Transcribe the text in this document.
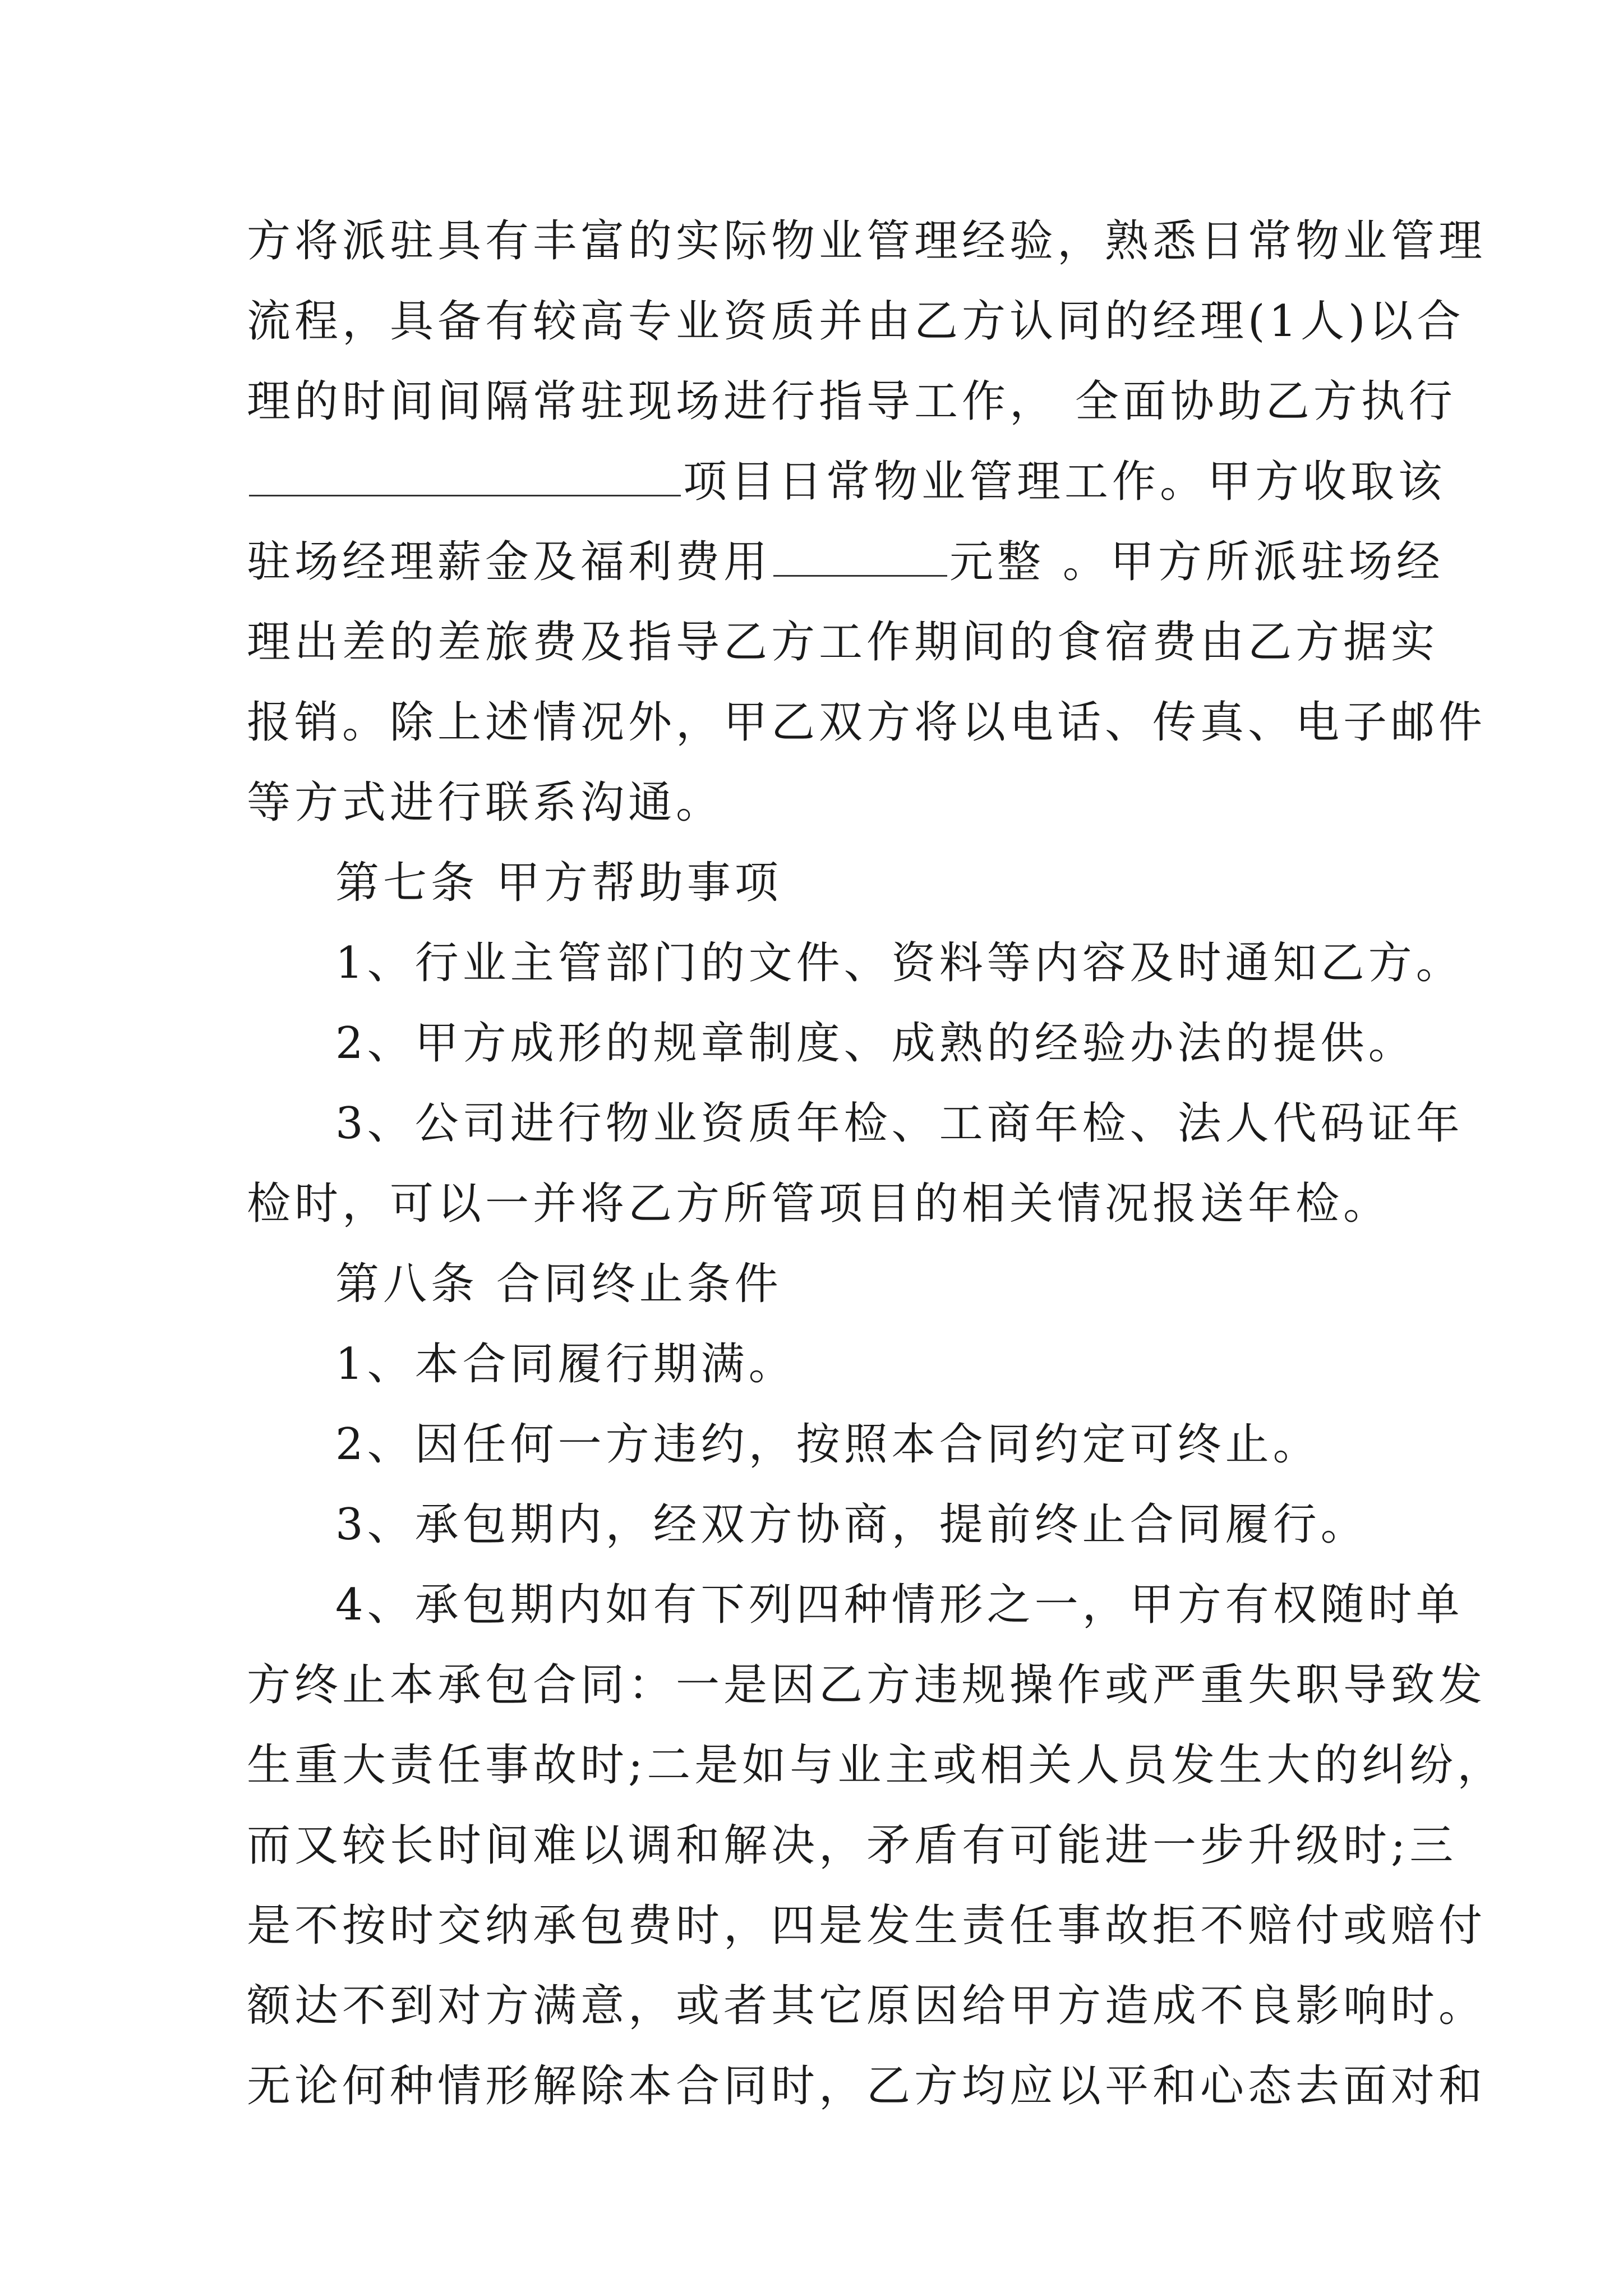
方将派驻具有丰富的实际物业管理经验，熟悉日常物业管理
流程，具备有较高专业资质并由乙方认同的经理(1人)以合
理的时间间隔常驻现场进行指导工作， 全面协助乙方执行
项目日常物业管理工作。甲方收取该
驻场经理薪金及福利费用	元整 。甲方所派驻场经
理出差的差旅费及指导乙方工作期间的食宿费由乙方据实
报销。除上述情况外，甲乙双方将以电话、传真、电子邮件
等方式进行联系沟通。
第七条 甲方帮助事项
1、行业主管部门的文件、资料等内容及时通知乙方。
2、甲方成形的规章制度、成熟的经验办法的提供。
3、公司进行物业资质年检、工商年检、法人代码证年
检时，可以一并将乙方所管项目的相关情况报送年检。
第八条 合同终止条件
1、本合同履行期满。
2、因任何一方违约，按照本合同约定可终止。
3、承包期内，经双方协商，提前终止合同履行。
4、承包期内如有下列四种情形之一，甲方有权随时单
方终止本承包合同：一是因乙方违规操作或严重失职导致发
生重大责任事故时;二是如与业主或相关人员发生大的纠纷，
而又较长时间难以调和解决，矛盾有可能进一步升级时;三
是不按时交纳承包费时，四是发生责任事故拒不赔付或赔付
额达不到对方满意，或者其它原因给甲方造成不良影响时。
无论何种情形解除本合同时，乙方均应以平和心态去面对和
